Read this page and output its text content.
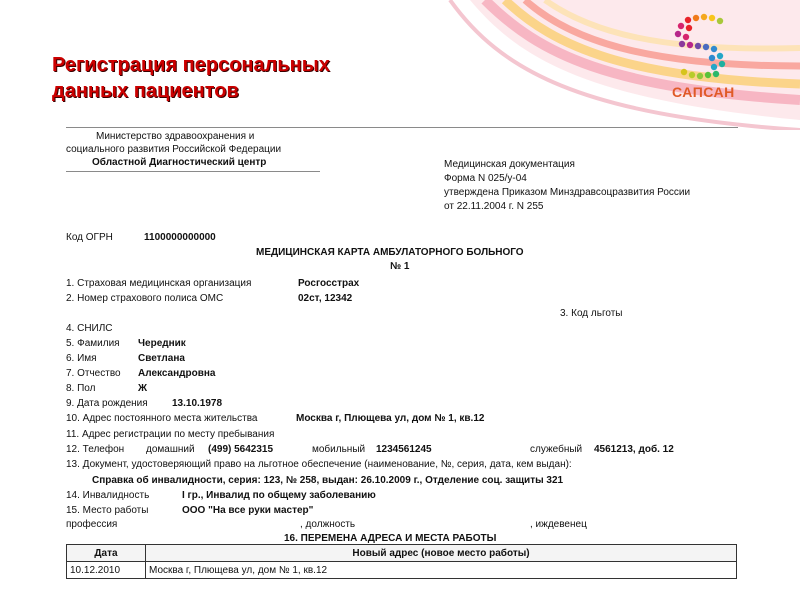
САПСАН
Регистрация персональных
данных пациентов
Министерство здравоохранения и
социального развития Российской Федерации
Областной Диагностический центр	Медицинская документация
Форма N 025/у-04
утверждена Приказом Минздравсоцразвития России
от 22.11.2004 г. N 255
Код ОГРН	1100000000000
МЕДИЦИНСКАЯ КАРТА АМБУЛАТОРНОГО БОЛЬНОГО
№ 1
1. Страховая медицинская организация	Росгосстрах
2. Номер страхового полиса ОМС	02ст, 12342
3. Код льготы
4. СНИЛС
5. Фамилия Чередник
6. Имя	Светлана
7. Отчество Александровна
8. Пол	Ж
9. Дата рождения 13.10.1978
10. Адрес постоянного места жительства	Москва г, Плющева ул, дом № 1, кв.12
11. Адрес регистрации по месту пребывания
12. Телефон домашний (499) 5642315	мобильный 1234561245	служебный 4561213, доб. 12
13. Документ, удостоверяющий право на льготное обеспечение (наименование, №, серия, дата, кем выдан):
Справка об инвалидности, серия: 123, № 258, выдан: 26.10.2009 г., Отделение соц. защиты 321
14. Инвалидность	I гр., Инвалид по общему заболеванию
15. Место работы	ООО "На все руки мастер"
профессия	, должность	, иждевенец
16. ПЕРЕМЕНА АДРЕСА И МЕСТА РАБОТЫ
Дата	Новый адрес (новое место работы)
10.12.2010	Москва г, Плющева ул, дом № 1, кв.12
